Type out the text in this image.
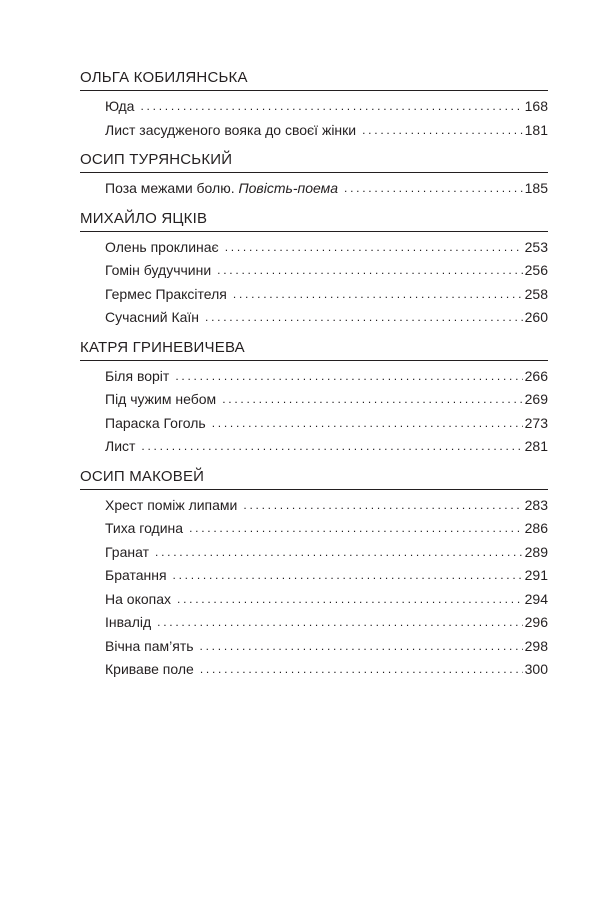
ОЛЬГА КОБИЛЯНСЬКА
Юда . . .	168
Лист засудженого вояка до своєї жінки . . .	181
ОСИП ТУРЯНСЬКИЙ
Поза межами болю. Повість-поема . . .	185
МИХАЙЛО ЯЦКІВ
Олень проклинає . . .	253
Гомін будуччини . . .	256
Гермес Праксітеля . . .	258
Сучасний Каїн . . .	260
КАТРЯ ГРИНЕВИЧЕВА
Біля воріт . . .	266
Під чужим небом . . .	269
Параска Гоголь . . .	273
Лист . . .	281
ОСИП МАКОВЕЙ
Хрест поміж липами . . .	283
Тиха година . . .	286
Гранат . . .	289
Братання . . .	291
На окопах . . .	294
Інвалід . . .	296
Вічна пам’ять . . .	298
Криваве поле . . .	300
